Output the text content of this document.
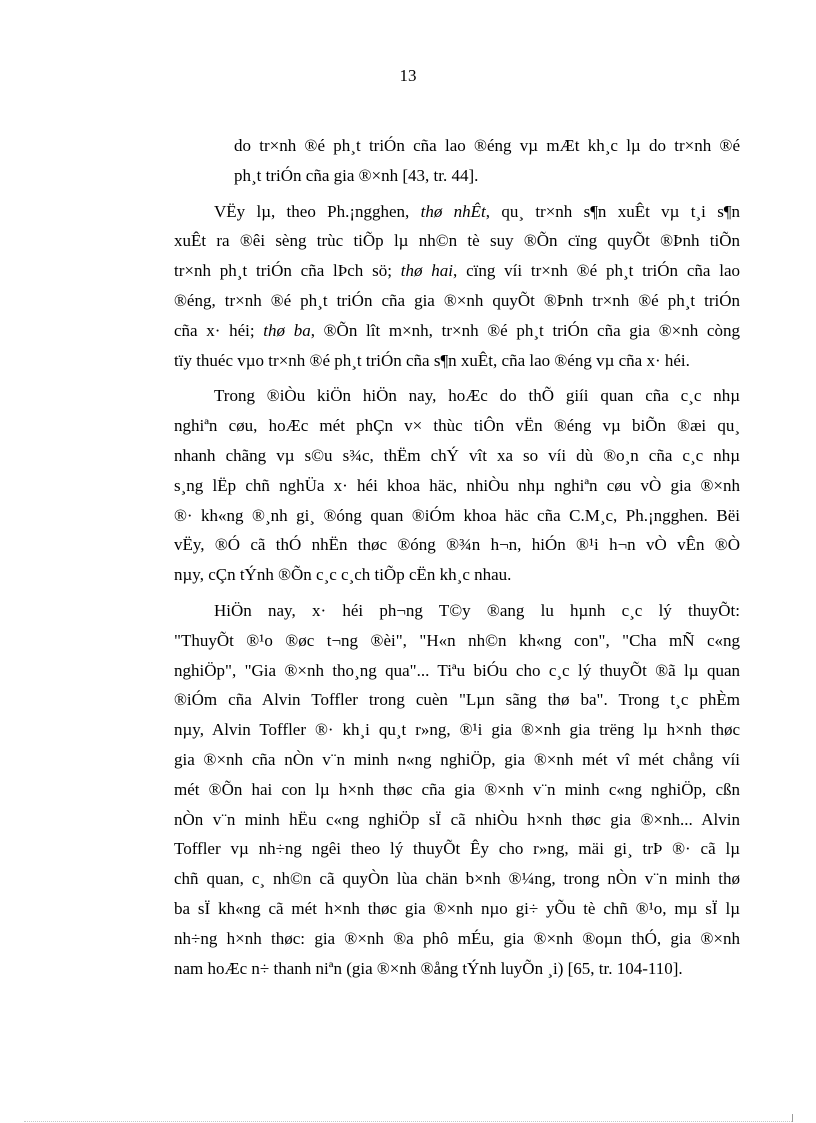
13
do tr×nh ®é ph¸t triÓn cña lao ®éng vµ mÆt kh¸c lµ do tr×nh ®é
ph¸t triÓn cña gia ®×nh [43, tr. 44].
VËy lµ, theo Ph.¡ngghen, thø nhÊt, qu¸ tr×nh s¶n xuÊt vµ t¸i s¶n
xuÊt ra ®êi sèng trùc tiÕp lµ nh©n tè suy ®Õn cïng quyÕt ®Þnh tiÕn
tr×nh ph¸t triÓn cña lÞch sö; thø hai, cïng víi tr×nh ®é ph¸t triÓn cña lao
®éng, tr×nh ®é ph¸t triÓn cña gia ®×nh quyÕt ®Þnh tr×nh ®é ph¸t triÓn
cña x· héi; thø ba, ®Õn lît m×nh, tr×nh ®é ph¸t triÓn cña gia ®×nh còng
tïy thuéc vµo tr×nh ®é ph¸t triÓn cña s¶n xuÊt, cña lao ®éng vµ cña x· héi.
Trong ®iÒu kiÖn hiÖn nay, hoÆc do thÕ giíi quan cña c¸c nhµ
nghiªn cøu, hoÆc mét phÇn v× thùc tiÔn vËn ®éng vµ biÕn ®æi qu¸
nhanh chãng vµ s©u s¾c, thËm chÝ vît xa so víi dù ®o¸n cña c¸c nhµ
s¸ng lËp chñ nghÜa x· héi khoa häc, nhiÒu nhµ nghiªn cøu vÒ gia ®×nh
®· kh«ng ®¸nh gi¸ ®óng quan ®iÓm khoa häc cña C.M¸c, Ph.¡ngghen. Bëi
vËy, ®Ó cã thÓ nhËn thøc ®óng ®¾n h¬n, hiÓn ®¹i h¬n vÒ vÊn ®Ò
nµy, cÇn tÝnh ®Õn c¸c c¸ch tiÕp cËn kh¸c nhau.
HiÖn nay, x· héi ph¬ng T©y ®ang lu hµnh c¸c lý thuyÕt:
"ThuyÕt ®¹o ®øc t¬ng ®èi", "H«n nh©n kh«ng con", "Cha mÑ c«ng
nghiÖp", "Gia ®×nh tho¸ng qua"... Tiªu biÓu cho c¸c lý thuyÕt ®ã lµ quan
®iÓm cña Alvin Toffler trong cuèn "Lµn sãng thø ba". Trong t¸c phÈm
nµy, Alvin Toffler ®· kh¸i qu¸t r»ng, ®¹i gia ®×nh gia trëng lµ h×nh thøc
gia ®×nh cña nÒn v¨n minh n«ng nghiÖp, gia ®×nh mét vî mét chång víi
mét ®Õn hai con lµ h×nh thøc cña gia ®×nh v¨n minh c«ng nghiÖp, cßn
nÒn v¨n minh hËu c«ng nghiÖp sÏ cã nhiÒu h×nh thøc gia ®×nh... Alvin
Toffler vµ nh÷ng ngêi theo lý thuyÕt Êy cho r»ng, mäi gi¸ trÞ ®· cã lµ
chñ quan, c¸ nh©n cã quyÒn lùa chän b×nh ®¼ng, trong nÒn v¨n minh thø
ba sÏ kh«ng cã mét h×nh thøc gia ®×nh nµo gi÷ yÕu tè chñ ®¹o, mµ sÏ lµ
nh÷ng h×nh thøc: gia ®×nh ®a phô mÉu, gia ®×nh ®oµn thÓ, gia ®×nh
nam hoÆc n÷ thanh niªn (gia ®×nh ®ång tÝnh luyÕn ¸i) [65, tr. 104-110].
